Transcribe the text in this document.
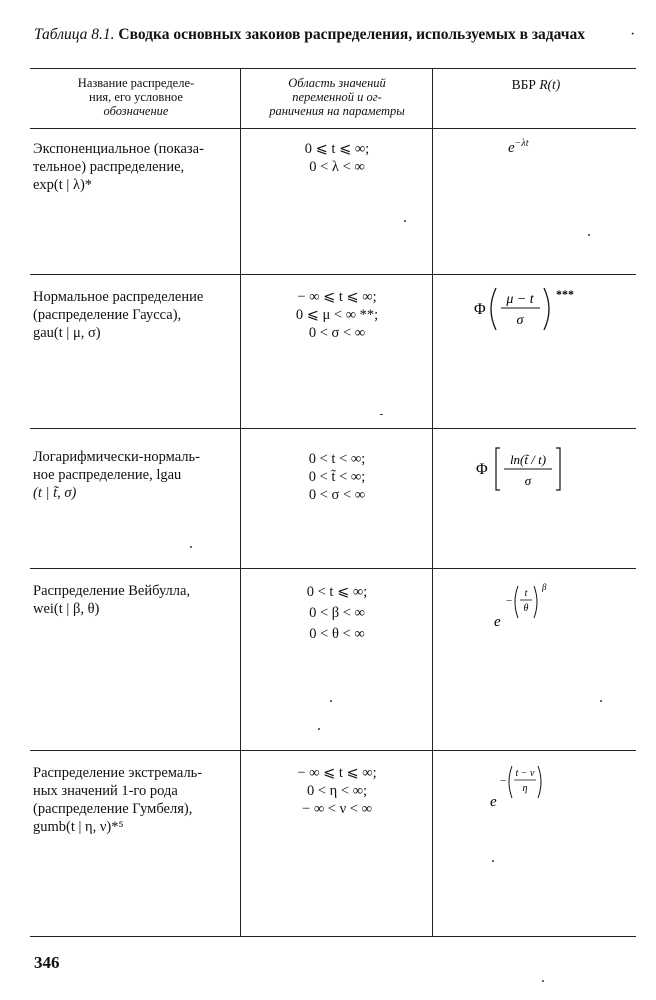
Таблица 8.1. Сводка основных закоиов распределения, используемых в задачах	·
Название распределе-
ния, его условное
обозначение
Область значений
переменной и ог-
раничения на параметры
ВБР R(t)
Экспоненциальное (показа-
тельное) распределение,
exp(t | λ)*
0 ⩽ t ⩽ ∞;
0 < λ < ∞
$e^{-\lambda t}$
Нормальное распределение
(распределение Гаусса),
gau(t | μ, σ)
− ∞ ⩽ t ⩽ ∞;
0 ⩽ μ < ∞ **;
0 < σ < ∞
Φ
μ − t
σ
***
Логарифмически-нормаль-
ное распределение, lgau
(t | t̃, σ)
0 < t < ∞;
0 < t̃ < ∞;
0 < σ < ∞
Φ
ln(t̃ / t)
σ
Распределение Вейбулла,
wei(t | β, θ)
0 < t ⩽ ∞;
0 < β < ∞
0 < θ < ∞
e
−
t
θ
β
Распределение экстремаль-
ных значений 1-го рода
(распределение Гумбеля),
gumb(t | η, ν)*⁵
− ∞ ⩽ t ⩽ ∞;
0 < η < ∞;
− ∞ < ν < ∞	e
−
t − ν
η
346
